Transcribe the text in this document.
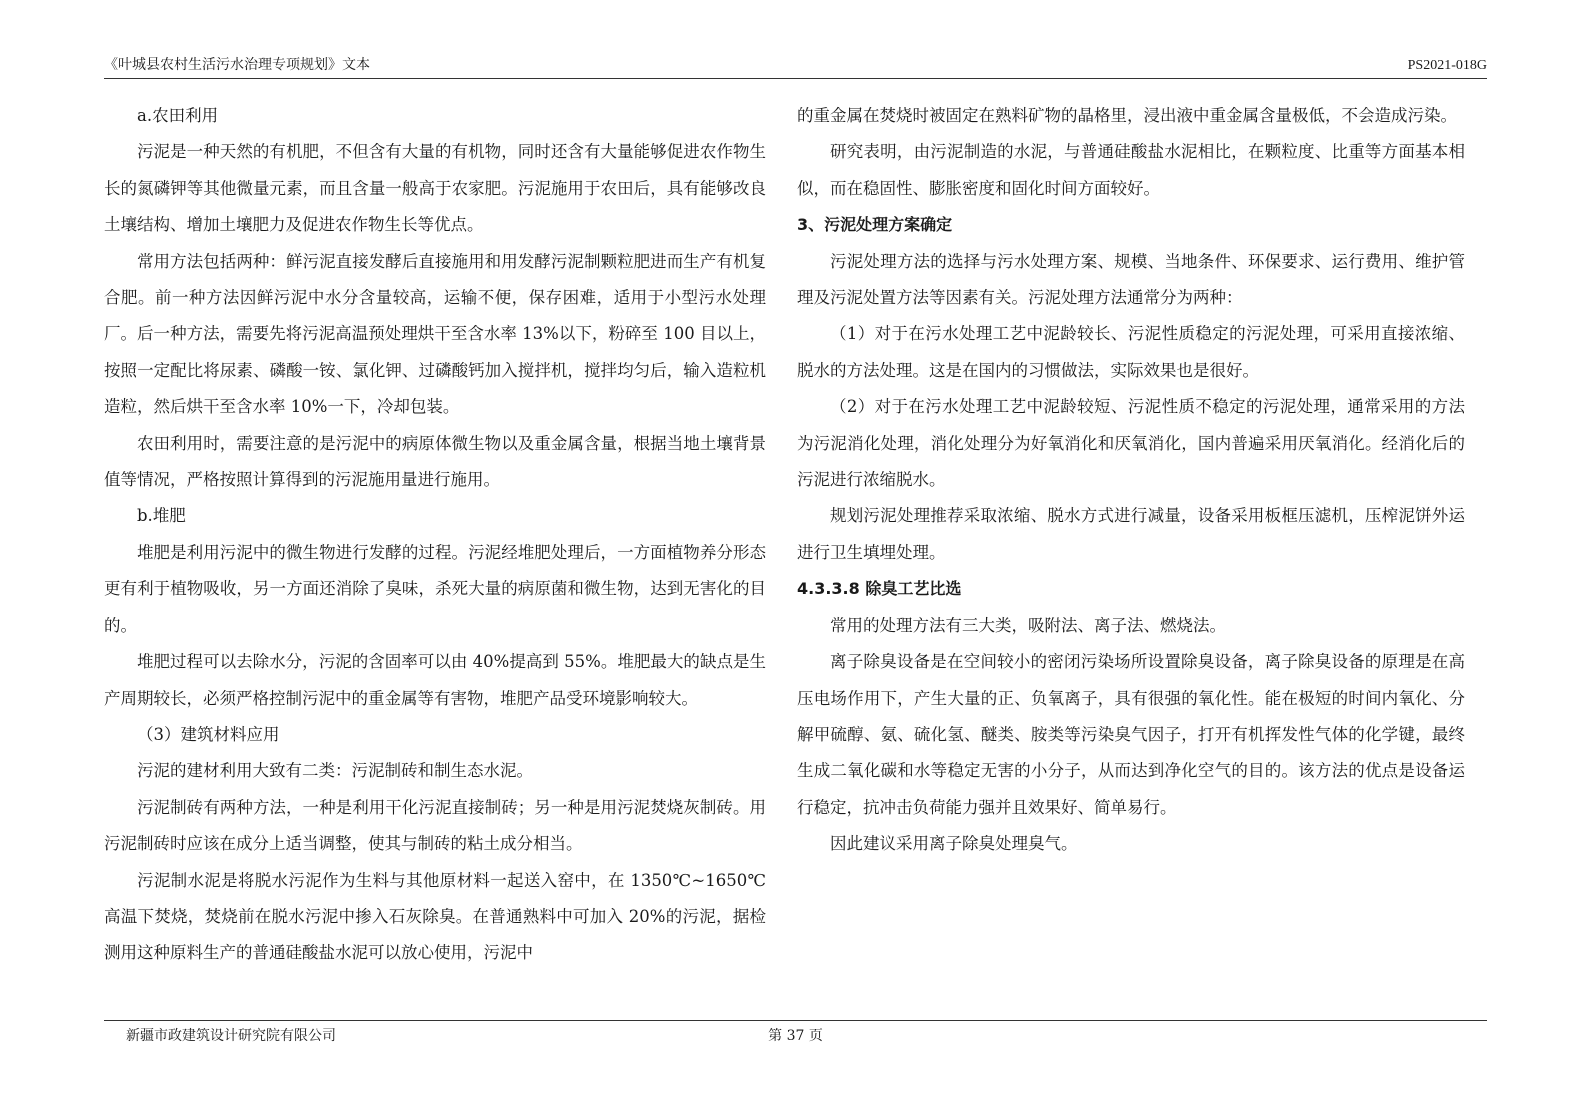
《叶城县农村生活污水治理专项规划》文本	PS2021-018G

a.农田利用

污泥是一种天然的有机肥，不但含有大量的有机物，同时还含有大量能够促进农作物生长的氮磷钾等其他微量元素，而且含量一般高于农家肥。污泥施用于农田后，具有能够改良土壤结构、增加土壤肥力及促进农作物生长等优点。

常用方法包括两种：鲜污泥直接发酵后直接施用和用发酵污泥制颗粒肥进而生产有机复合肥。前一种方法因鲜污泥中水分含量较高，运输不便，保存困难，适用于小型污水处理厂。后一种方法，需要先将污泥高温预处理烘干至含水率 13%以下，粉碎至 100 目以上，按照一定配比将尿素、磷酸一铵、氯化钾、过磷酸钙加入搅拌机，搅拌均匀后，输入造粒机造粒，然后烘干至含水率 10%一下，冷却包装。

农田利用时，需要注意的是污泥中的病原体微生物以及重金属含量，根据当地土壤背景值等情况，严格按照计算得到的污泥施用量进行施用。

b.堆肥

堆肥是利用污泥中的微生物进行发酵的过程。污泥经堆肥处理后，一方面植物养分形态更有利于植物吸收，另一方面还消除了臭味，杀死大量的病原菌和微生物，达到无害化的目的。

堆肥过程可以去除水分，污泥的含固率可以由 40%提高到 55%。堆肥最大的缺点是生产周期较长，必须严格控制污泥中的重金属等有害物，堆肥产品受环境影响较大。

（3）建筑材料应用

污泥的建材利用大致有二类：污泥制砖和制生态水泥。

污泥制砖有两种方法，一种是利用干化污泥直接制砖；另一种是用污泥焚烧灰制砖。用污泥制砖时应该在成分上适当调整，使其与制砖的粘土成分相当。

污泥制水泥是将脱水污泥作为生料与其他原材料一起送入窑中，在 1350℃~1650℃高温下焚烧，焚烧前在脱水污泥中掺入石灰除臭。在普通熟料中可加入 20%的污泥，据检测用这种原料生产的普通硅酸盐水泥可以放心使用，污泥中

的重金属在焚烧时被固定在熟料矿物的晶格里，浸出液中重金属含量极低，不会造成污染。

研究表明，由污泥制造的水泥，与普通硅酸盐水泥相比，在颗粒度、比重等方面基本相似，而在稳固性、膨胀密度和固化时间方面较好。

3、污泥处理方案确定

污泥处理方法的选择与污水处理方案、规模、当地条件、环保要求、运行费用、维护管理及污泥处置方法等因素有关。污泥处理方法通常分为两种：

（1）对于在污水处理工艺中泥龄较长、污泥性质稳定的污泥处理，可采用直接浓缩、脱水的方法处理。这是在国内的习惯做法，实际效果也是很好。

（2）对于在污水处理工艺中泥龄较短、污泥性质不稳定的污泥处理，通常采用的方法为污泥消化处理，消化处理分为好氧消化和厌氧消化，国内普遍采用厌氧消化。经消化后的污泥进行浓缩脱水。

规划污泥处理推荐采取浓缩、脱水方式进行减量，设备采用板框压滤机，压榨泥饼外运进行卫生填埋处理。

4.3.3.8 除臭工艺比选

常用的处理方法有三大类，吸附法、离子法、燃烧法。

离子除臭设备是在空间较小的密闭污染场所设置除臭设备，离子除臭设备的原理是在高压电场作用下，产生大量的正、负氧离子，具有很强的氧化性。能在极短的时间内氧化、分解甲硫醇、氨、硫化氢、醚类、胺类等污染臭气因子，打开有机挥发性气体的化学键，最终生成二氧化碳和水等稳定无害的小分子，从而达到净化空气的目的。该方法的优点是设备运行稳定，抗冲击负荷能力强并且效果好、简单易行。

因此建议采用离子除臭处理臭气。

新疆市政建筑设计研究院有限公司	第 37 页
